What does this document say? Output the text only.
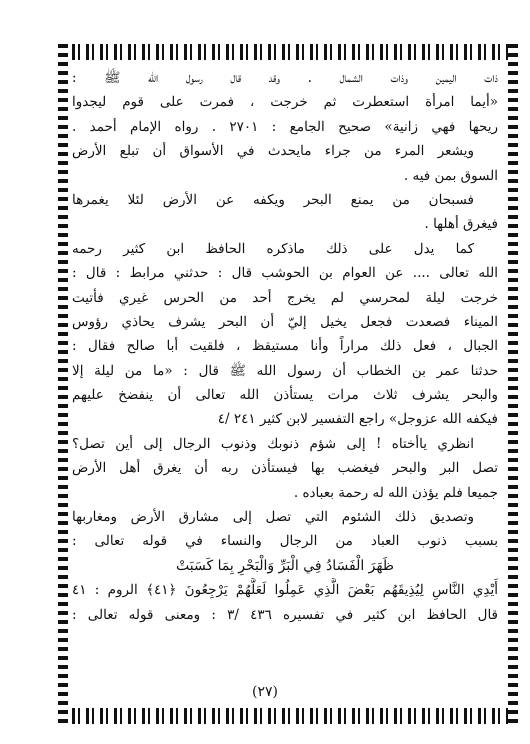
ذات اليمين وذات الشمال . وقد قال رسول الله ﷺ :
«أيما امرأة استعطرت ثم خرجت ، فمرت على قوم ليجدوا
ريحها فهي زانية» صحيح الجامع : ٢٧٠١ . رواه الإمام أحمد .
ويشعر المرء من جراء مايحدث في الأسواق أن تبلع الأرض
السوق بمن فيه .
فسبحان من يمنع البحر ويكفه عن الأرض لئلا يغمرها
فيغرق أهلها .
كما يدل على ذلك ماذكره الحافظ ابن كثير رحمه
الله تعالى .... عن العوام بن الحوشب قال : حدثني مرابط : قال :
خرجت ليلة لمحرسي لم يخرج أحد من الحرس غيري فأتيت
الميناء فصعدت فجعل يخيل إليّ أن البحر يشرف يحاذي رؤوس
الجبال ، فعل ذلك مراراً وأنا مستيقظ ، فلقيت أبا صالح فقال :
حدثنا عمر بن الخطاب أن رسول الله ﷺ قال : «ما من ليلة إلا
والبحر يشرف ثلاث مرات يستأذن الله تعالى أن ينفضخ عليهم
فيكفه الله عزوجل» راجع التفسير لابن كثير ٢٤١ /٤
انظري ياأختاه ! إلى شؤم ذنوبك وذنوب الرجال إلى أين تصل؟
تصل البر والبحر فيغضب بها فيستأذن ربه أن يغرق أهل الأرض
جميعا فلم يؤذن الله له رحمة بعباده .
وتصديق ذلك الشئوم التي تصل إلى مشارق الأرض ومغاربها
بسبب ذنوب العباد من الرجال والنساء في قوله تعالى :
ظَهَرَ الْفَسَادُ فِي الْبَرِّ وَالْبَحْرِ بِمَا كَسَبَتْ
أَيْدِي النَّاسِ لِيُذِيقَهُم بَعْضَ الَّذِي عَمِلُوا لَعَلَّهُمْ يَرْجِعُونَ ﴿٤١﴾ الروم : ٤١
قال الحافظ ابن كثير في تفسيره ٤٣٦ /٣ : ومعنى قوله تعالى :
(٢٧)
